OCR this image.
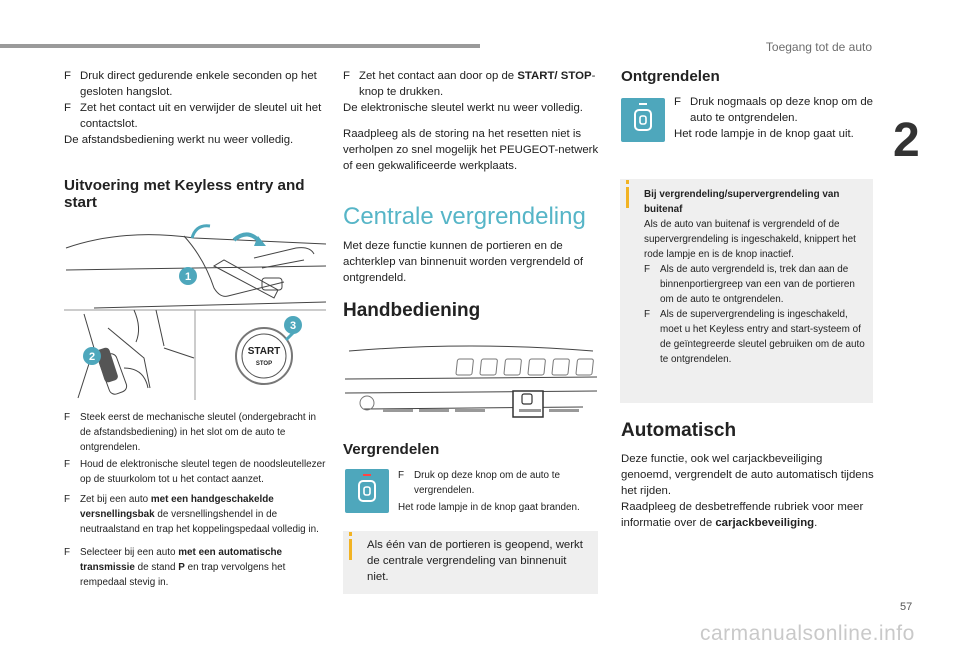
Toegang tot de auto
2
F Druk direct gedurende enkele seconden op het gesloten hangslot.
F Zet het contact uit en verwijder de sleutel uit het contactslot.

De afstandsbediening werkt nu weer volledig.

Uitvoering met Keyless entry and start
START
STOP
1
2
3
F Steek eerst de mechanische sleutel (ondergebracht in de afstandsbediening) in het slot om de auto te ontgrendelen.
F Houd de elektronische sleutel tegen de noodsleutellezer op de stuurkolom tot u het contact aanzet.
F Zet bij een auto met een handgeschakelde versnellingsbak de versnellingshendel in de neutraalstand en trap het koppelingspedaal volledig in.
F Selecteer bij een auto met een automatische transmissie de stand P en trap vervolgens het rempedaal stevig in.
F Zet het contact aan door op de START/ STOP-knop te drukken.

De elektronische sleutel werkt nu weer volledig.

Raadpleeg als de storing na het resetten niet is verholpen zo snel mogelijk het PEUGEOT-netwerk of een gekwalificeerde werkplaats.

Centrale vergrendeling

Met deze functie kunnen de portieren en de achterklep van binnenuit worden vergrendeld of ontgrendeld.

Handbediening
Vergrendelen
F Druk op deze knop om de auto te vergrendelen.

Het rode lampje in de knop gaat branden.

Als één van de portieren is geopend, werkt de centrale vergrendeling van binnenuit niet.

Ontgrendelen
F Druk nogmaals op deze knop om de auto te ontgrendelen.

Het rode lampje in de knop gaat uit.

Bij vergrendeling/supervergrendeling van buitenaf

Als de auto van buitenaf is vergrendeld of de supervergrendeling is ingeschakeld, knippert het rode lampje en is de knop inactief.

F Als de auto vergrendeld is, trek dan aan de binnenportiergreep van een van de portieren om de auto te ontgrendelen.
F Als de supervergrendeling is ingeschakeld, moet u het Keyless entry and start-systeem of de geïntegreerde sleutel gebruiken om de auto te ontgrendelen.
Automatisch

Deze functie, ook wel carjackbeveiliging genoemd, vergrendelt de auto automatisch tijdens het rijden.

Raadpleeg de desbetreffende rubriek voor meer informatie over de carjackbeveiliging.

57
carmanualsonline.info
